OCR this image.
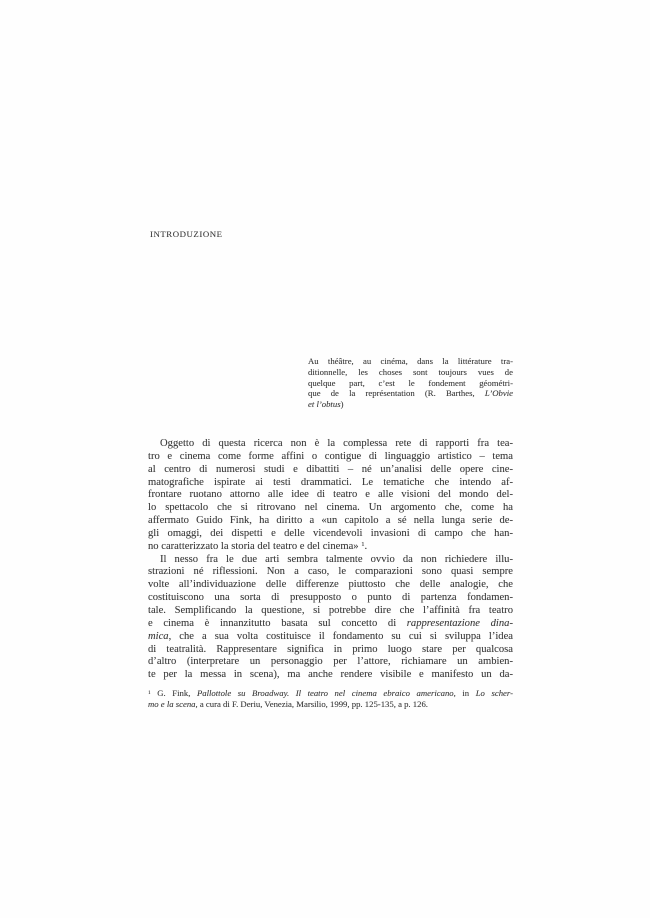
INTRODUZIONE
Au théâtre, au cinéma, dans la littérature tra-
ditionnelle, les choses sont toujours vues de
quelque part, c’est le fondement géométri-
que de la représentation (R. Barthes, L’Obvie
et l’obtus)
Oggetto di questa ricerca non è la complessa rete di rapporti fra tea-
tro e cinema come forme affini o contigue di linguaggio artistico – tema
al centro di numerosi studi e dibattiti – né un’analisi delle opere cine-
matografiche ispirate ai testi drammatici. Le tematiche che intendo af-
frontare ruotano attorno alle idee di teatro e alle visioni del mondo del-
lo spettacolo che si ritrovano nel cinema. Un argomento che, come ha
affermato Guido Fink, ha diritto a «un capitolo a sé nella lunga serie de-
gli omaggi, dei dispetti e delle vicendevoli invasioni di campo che han-
no caratterizzato la storia del teatro e del cinema» $^1$.
Il nesso fra le due arti sembra talmente ovvio da non richiedere illu-
strazioni né riflessioni. Non a caso, le comparazioni sono quasi sempre
volte all’individuazione delle differenze piuttosto che delle analogie, che
costituiscono una sorta di presupposto o punto di partenza fondamen-
tale. Semplificando la questione, si potrebbe dire che l’affinità fra teatro
e cinema è innanzitutto basata sul concetto di rappresentazione dina-
mica, che a sua volta costituisce il fondamento su cui si sviluppa l’idea
di teatralità. Rappresentare significa in primo luogo stare per qualcosa
d’altro (interpretare un personaggio per l’attore, richiamare un ambien-
te per la messa in scena), ma anche rendere visibile e manifesto un da-
$^1$ G. Fink, Pallottole su Broadway. Il teatro nel cinema ebraico americano, in Lo scher-
mo e la scena, a cura di F. Deriu, Venezia, Marsilio, 1999, pp. 125-135, a p. 126.
